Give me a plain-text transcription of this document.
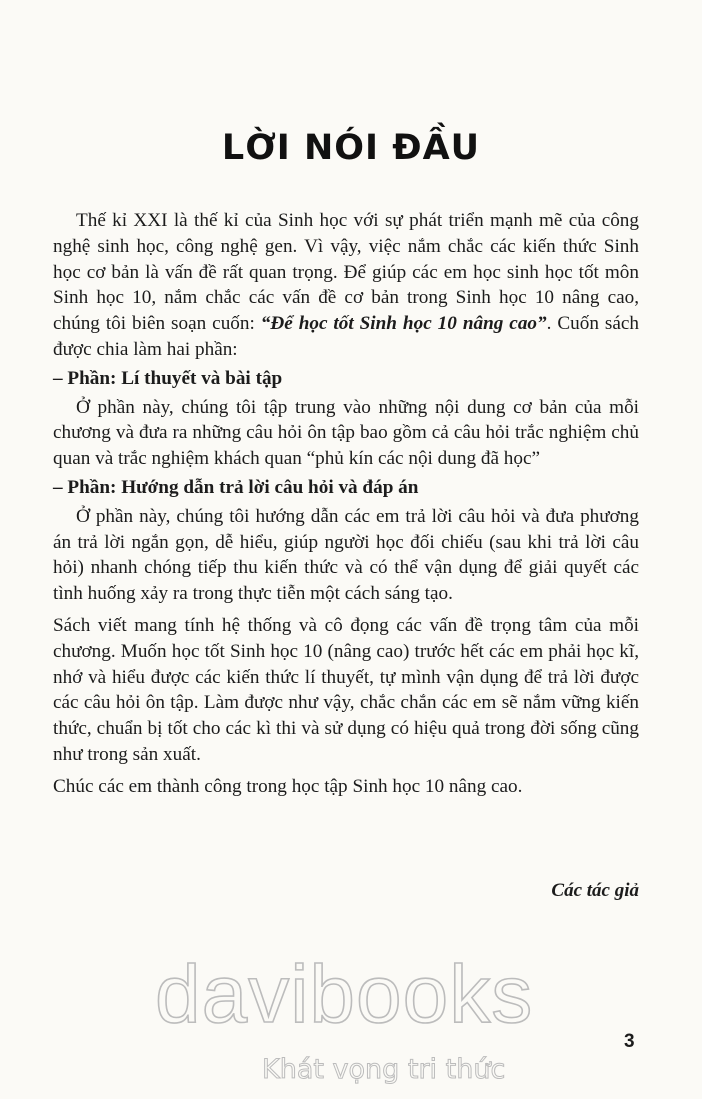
LỜI NÓI ĐẦU

Thế kỉ XXI là thế kỉ của Sinh học với sự phát triển mạnh mẽ của công nghệ sinh học, công nghệ gen. Vì vậy, việc nắm chắc các kiến thức Sinh học cơ bản là vấn đề rất quan trọng. Để giúp các em học sinh học tốt môn Sinh học 10, nắm chắc các vấn đề cơ bản trong Sinh học 10 nâng cao, chúng tôi biên soạn cuốn: “Để học tốt Sinh học 10 nâng cao”. Cuốn sách được chia làm hai phần:

– Phần: Lí thuyết và bài tập

Ở phần này, chúng tôi tập trung vào những nội dung cơ bản của mỗi chương và đưa ra những câu hỏi ôn tập bao gồm cả câu hỏi trắc nghiệm chủ quan và trắc nghiệm khách quan “phủ kín các nội dung đã học”

– Phần: Hướng dẫn trả lời câu hỏi và đáp án

Ở phần này, chúng tôi hướng dẫn các em trả lời câu hỏi và đưa phương án trả lời ngắn gọn, dễ hiểu, giúp người học đối chiếu (sau khi trả lời câu hỏi) nhanh chóng tiếp thu kiến thức và có thể vận dụng để giải quyết các tình huống xảy ra trong thực tiễn một cách sáng tạo.

Sách viết mang tính hệ thống và cô đọng các vấn đề trọng tâm của mỗi chương. Muốn học tốt Sinh học 10 (nâng cao) trước hết các em phải học kĩ, nhớ và hiểu được các kiến thức lí thuyết, tự mình vận dụng để trả lời được các câu hỏi ôn tập. Làm được như vậy, chắc chắn các em sẽ nắm vững kiến thức, chuẩn bị tốt cho các kì thi và sử dụng có hiệu quả trong đời sống cũng như trong sản xuất.

Chúc các em thành công trong học tập Sinh học 10 nâng cao.

Các tác giả
davibooks
Khát vọng tri thức
3
